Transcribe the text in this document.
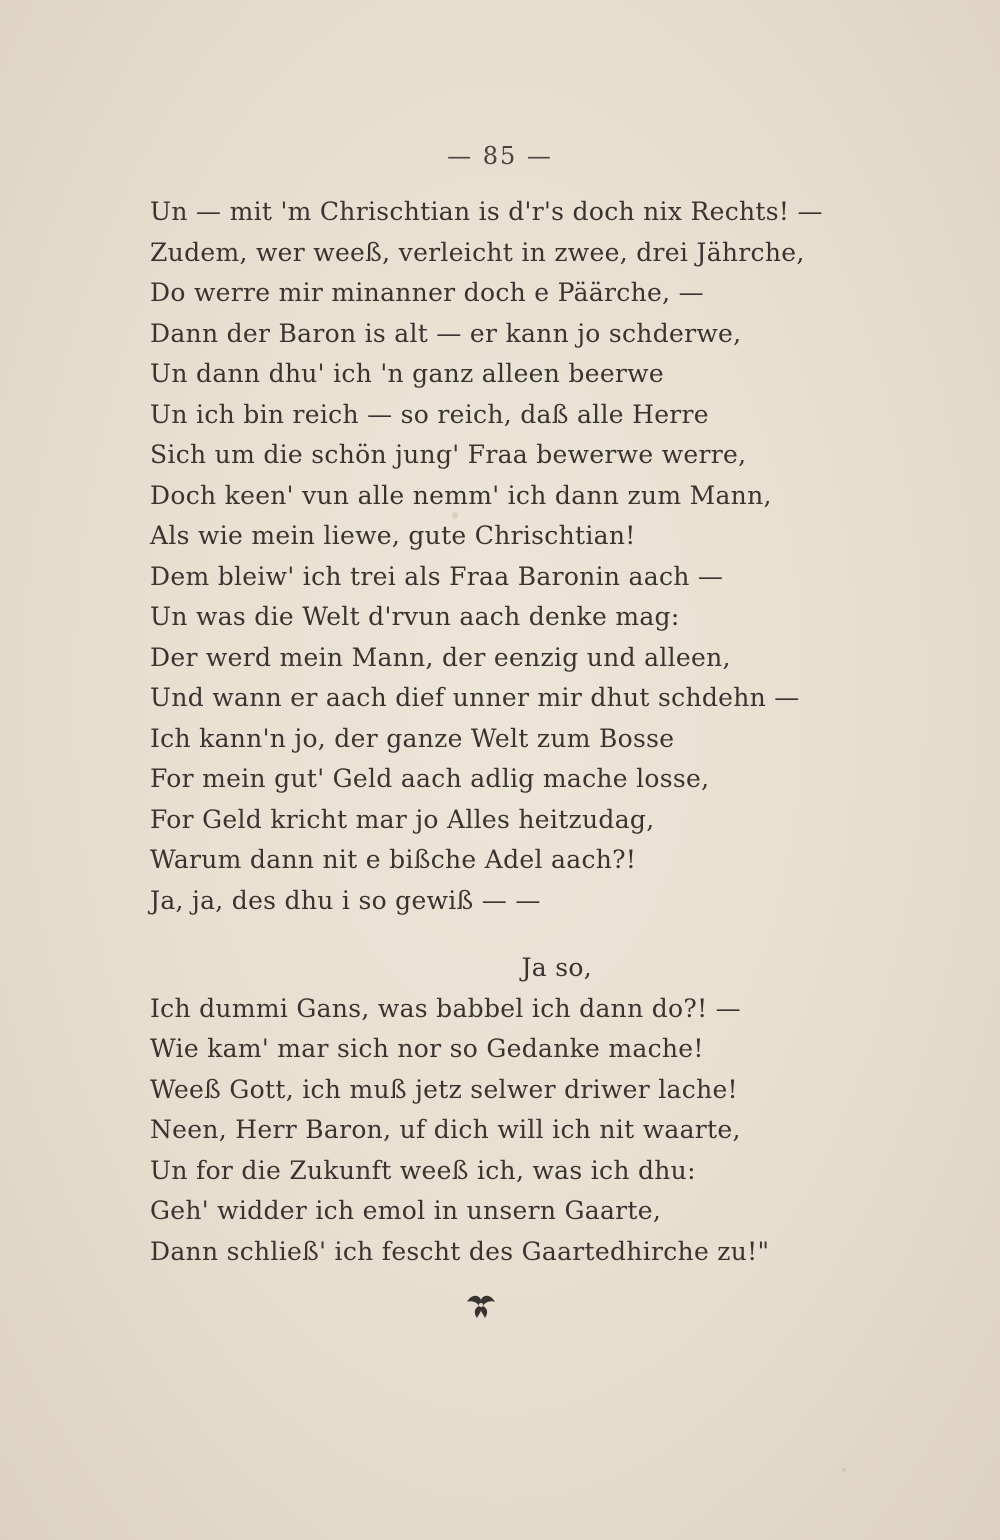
— 85 —
Un — mit 'm Chrischtian is d'r's doch nix Rechts! —
Zudem, wer weeß, verleicht in zwee, drei Jährche,
Do werre mir minanner doch e Päärche, —
Dann der Baron is alt — er kann jo schderwe,
Un dann dhu' ich 'n ganz alleen beerwe
Un ich bin reich — so reich, daß alle Herre
Sich um die schön jung' Fraa bewerwe werre,
Doch keen' vun alle nemm' ich dann zum Mann,
Als wie mein liewe, gute Chrischtian!
Dem bleiw' ich trei als Fraa Baronin aach —
Un was die Welt d'rvun aach denke mag:
Der werd mein Mann, der eenzig und alleen,
Und wann er aach dief unner mir dhut schdehn —
Ich kann'n jo, der ganze Welt zum Bosse
For mein gut' Geld aach adlig mache losse,
For Geld kricht mar jo Alles heitzudag,
Warum dann nit e bißche Adel aach?!
Ja, ja, des dhu i so gewiß — —
Ja so,
Ich dummi Gans, was babbel ich dann do?! —
Wie kam' mar sich nor so Gedanke mache!
Weeß Gott, ich muß jetz selwer driwer lache!
Neen, Herr Baron, uf dich will ich nit waarte,
Un for die Zukunft weeß ich, was ich dhu:
Geh' widder ich emol in unsern Gaarte,
Dann schließ' ich fescht des Gaartedhirche zu!"
